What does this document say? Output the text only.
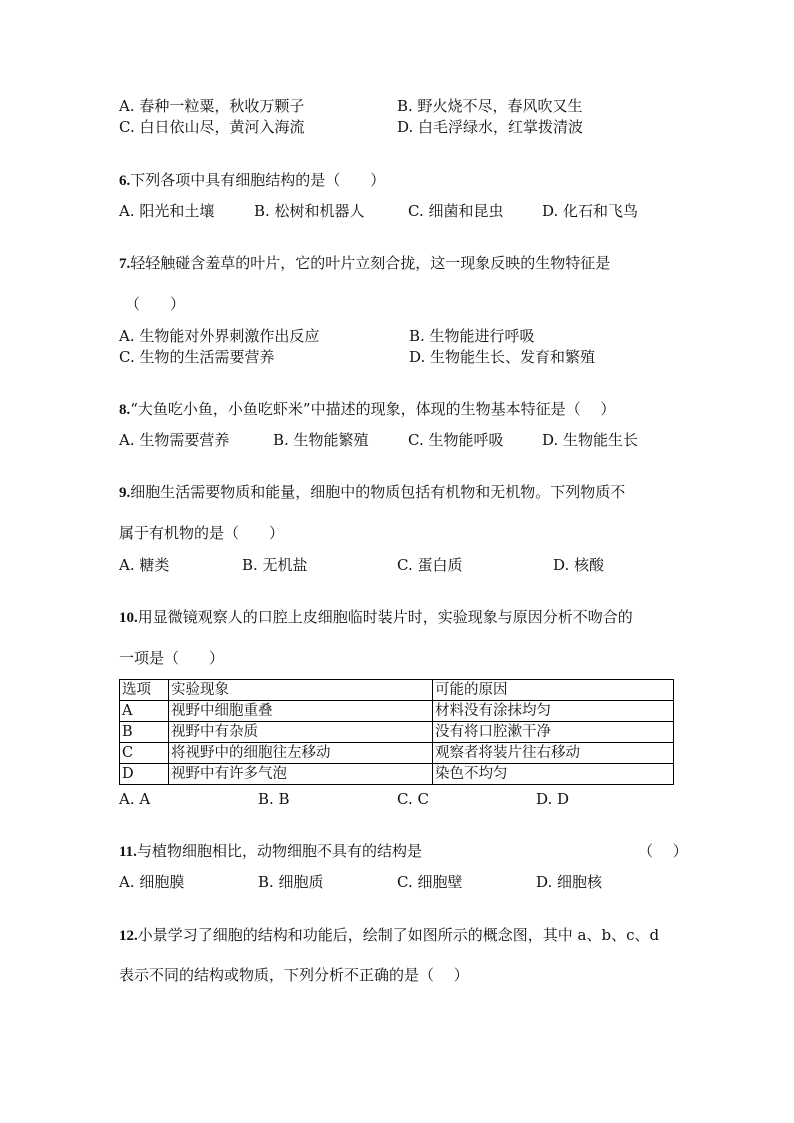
A. 春种一粒粟，秋收万颗子	B. 野火烧不尽，春风吹又生
C. 白日依山尽，黄河入海流	D. 白毛浮绿水，红掌拨清波
6.下列各项中具有细胞结构的是（　　）
A. 阳光和土壤	B. 松树和机器人	C. 细菌和昆虫	D. 化石和飞鸟
7.轻轻触碰含羞草的叶片，它的叶片立刻合拢，这一现象反映的生物特征是
（　　）
A. 生物能对外界刺激作出反应	B. 生物能进行呼吸
C. 生物的生活需要营养	D. 生物能生长、发育和繁殖
8.“大鱼吃小鱼，小鱼吃虾米”中描述的现象，体现的生物基本特征是（　 ）
A. 生物需要营养	B. 生物能繁殖	C. 生物能呼吸	D. 生物能生长
9.细胞生活需要物质和能量，细胞中的物质包括有机物和无机物。下列物质不
属于有机物的是（　　）
A. 糖类	B. 无机盐	C. 蛋白质	D. 核酸
10.用显微镜观察人的口腔上皮细胞临时装片时，实验现象与原因分析不吻合的
一项是（　　）
选项	实验现象	可能的原因
A	视野中细胞重叠	材料没有涂抹均匀
B	视野中有杂质	没有将口腔漱干净
C	将视野中的细胞往左移动	观察者将装片往右移动
D	视野中有许多气泡	染色不均匀
A. A	B. B	C. C	D. D
11.与植物细胞相比，动物细胞不具有的结构是	（　 ）
A. 细胞膜	B. 细胞质	C. 细胞壁	D. 细胞核
12.小景学习了细胞的结构和功能后，绘制了如图所示的概念图，其中 a、b、c、d
表示不同的结构或物质，下列分析不正确的是（　 ）
